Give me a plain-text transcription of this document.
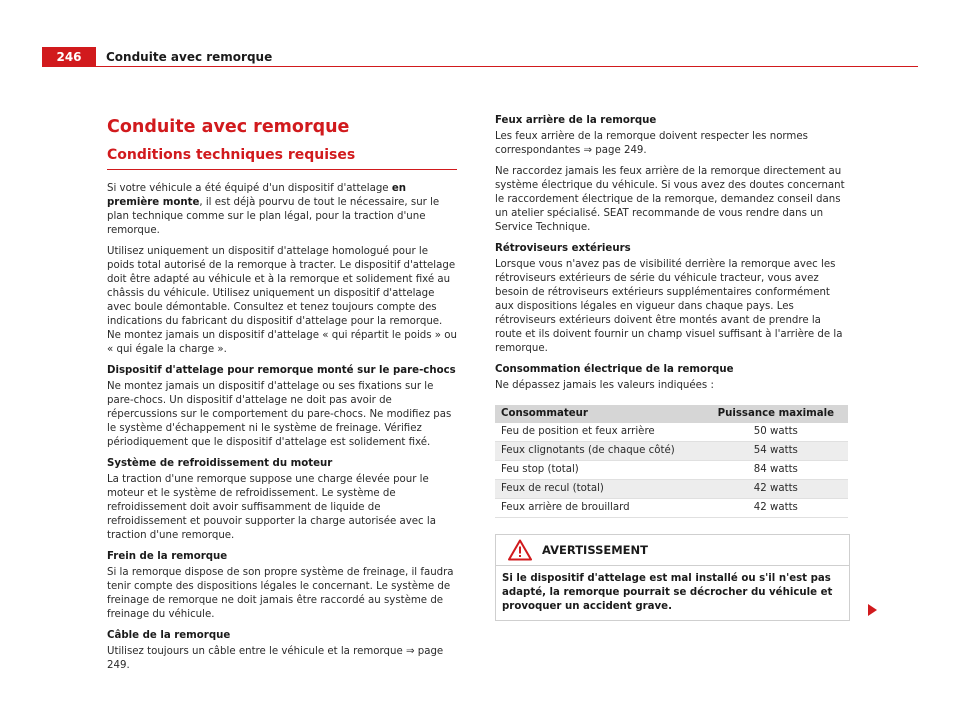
246	Conduite avec remorque
Conduite avec remorque
Conditions techniques requises

Si votre véhicule a été équipé d'un dispositif d'attelage en première monte, il est déjà pourvu de tout le nécessaire, sur le plan technique comme sur le plan légal, pour la traction d'une remorque.

Utilisez uniquement un dispositif d'attelage homologué pour le poids total autorisé de la remorque à tracter. Le dispositif d'attelage doit être adapté au véhicule et à la remorque et solidement fixé au châssis du véhicule. Utilisez uniquement un dispositif d'attelage avec boule démontable. Consultez et tenez toujours compte des indications du fabricant du dispositif d'attelage pour la remorque. Ne montez jamais un dispositif d'attelage « qui répartit le poids » ou « qui égale la charge ».

Dispositif d'attelage pour remorque monté sur le pare-chocs

Ne montez jamais un dispositif d'attelage ou ses fixations sur le pare-chocs. Un dispositif d'attelage ne doit pas avoir de répercussions sur le comportement du pare-chocs. Ne modifiez pas le système d'échappement ni le système de freinage. Vérifiez périodiquement que le dispositif d'attelage est solidement fixé.

Système de refroidissement du moteur

La traction d'une remorque suppose une charge élevée pour le moteur et le système de refroidissement. Le système de refroidissement doit avoir suffisamment de liquide de refroidissement et pouvoir supporter la charge autorisée avec la traction d'une remorque.

Frein de la remorque

Si la remorque dispose de son propre système de freinage, il faudra tenir compte des dispositions légales le concernant. Le système de freinage de remorque ne doit jamais être raccordé au système de freinage du véhicule.

Câble de la remorque

Utilisez toujours un câble entre le véhicule et la remorque ⇒ page 249.

Feux arrière de la remorque

Les feux arrière de la remorque doivent respecter les normes correspondantes ⇒ page 249.

Ne raccordez jamais les feux arrière de la remorque directement au système électrique du véhicule. Si vous avez des doutes concernant le raccordement électrique de la remorque, demandez conseil dans un atelier spécialisé. SEAT recommande de vous rendre dans un Service Technique.

Rétroviseurs extérieurs

Lorsque vous n'avez pas de visibilité derrière la remorque avec les rétroviseurs extérieurs de série du véhicule tracteur, vous avez besoin de rétroviseurs extérieurs supplémentaires conformément aux dispositions légales en vigueur dans chaque pays. Les rétroviseurs extérieurs doivent être montés avant de prendre la route et ils doivent fournir un champ visuel suffisant à l'arrière de la remorque.

Consommation électrique de la remorque

Ne dépassez jamais les valeurs indiquées :

Consommateur	Puissance maximale
Feu de position et feux arrière	50 watts
Feux clignotants (de chaque côté)	54 watts
Feu stop (total)	84 watts
Feux de recul (total)	42 watts
Feux arrière de brouillard	42 watts
AVERTISSEMENT
Si le dispositif d'attelage est mal installé ou s'il n'est pas adapté, la remorque pourrait se décrocher du véhicule et provoquer un accident grave.
